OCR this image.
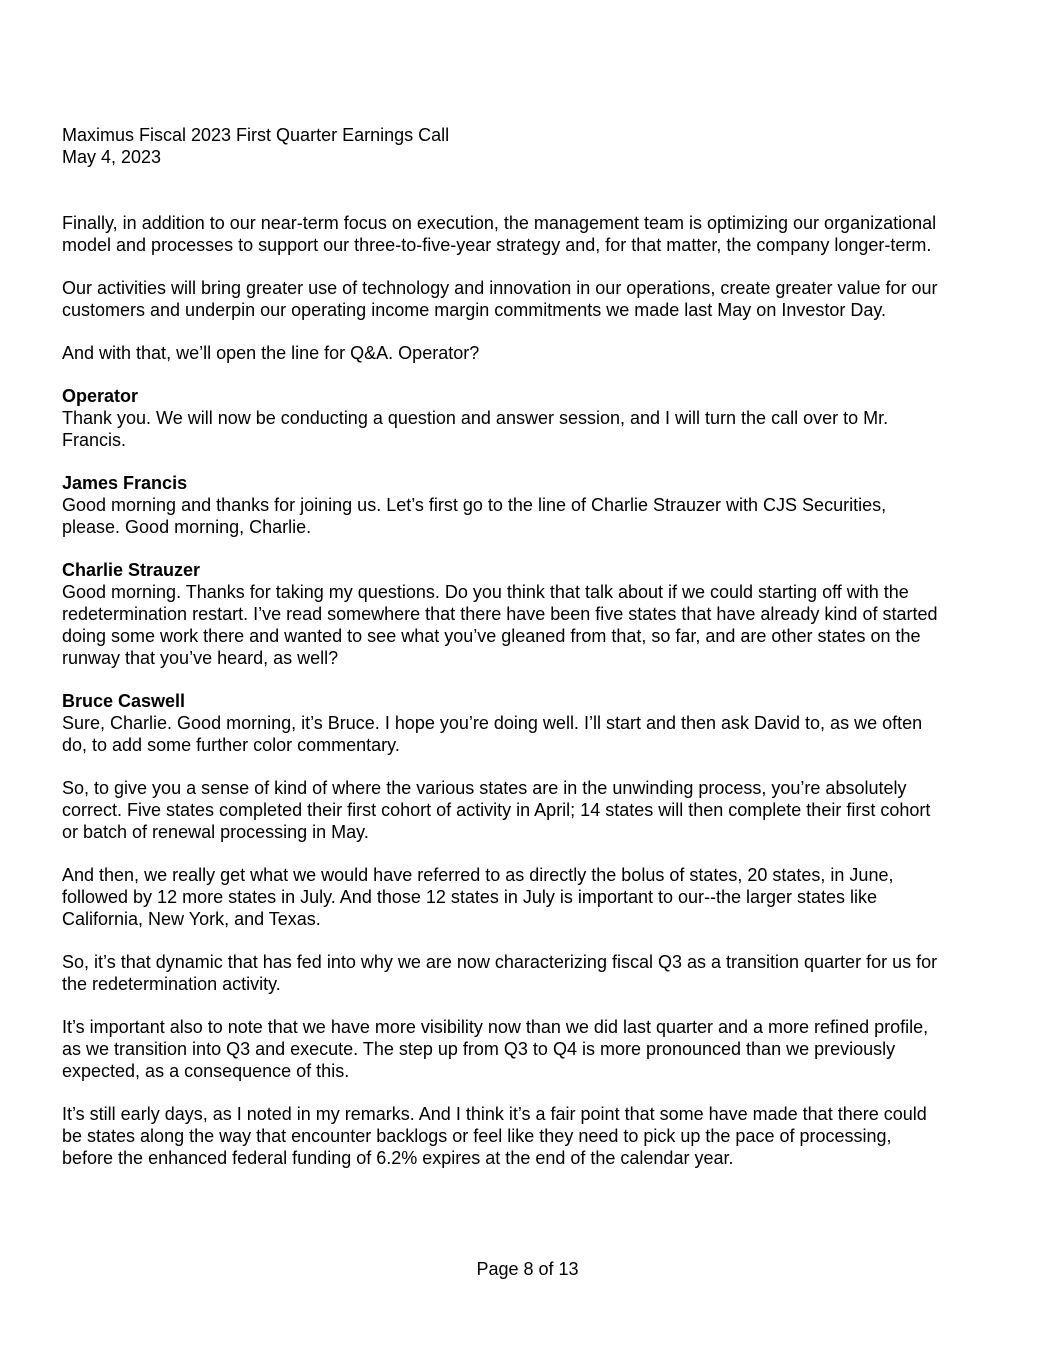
Maximus Fiscal 2023 First Quarter Earnings Call
May 4, 2023
Finally, in addition to our near-term focus on execution, the management team is optimizing our organizational
model and processes to support our three-to-five-year strategy and, for that matter, the company longer-term.
Our activities will bring greater use of technology and innovation in our operations, create greater value for our
customers and underpin our operating income margin commitments we made last May on Investor Day.
And with that, we’ll open the line for Q&A. Operator?
Operator
Thank you. We will now be conducting a question and answer session, and I will turn the call over to Mr.
Francis.
James Francis
Good morning and thanks for joining us. Let’s first go to the line of Charlie Strauzer with CJS Securities,
please. Good morning, Charlie.
Charlie Strauzer
Good morning. Thanks for taking my questions. Do you think that talk about if we could starting off with the
redetermination restart. I’ve read somewhere that there have been five states that have already kind of started
doing some work there and wanted to see what you’ve gleaned from that, so far, and are other states on the
runway that you’ve heard, as well?
Bruce Caswell
Sure, Charlie. Good morning, it’s Bruce. I hope you’re doing well. I’ll start and then ask David to, as we often
do, to add some further color commentary.
So, to give you a sense of kind of where the various states are in the unwinding process, you’re absolutely
correct. Five states completed their first cohort of activity in April; 14 states will then complete their first cohort
or batch of renewal processing in May.
And then, we really get what we would have referred to as directly the bolus of states, 20 states, in June,
followed by 12 more states in July. And those 12 states in July is important to our--the larger states like
California, New York, and Texas.
So, it’s that dynamic that has fed into why we are now characterizing fiscal Q3 as a transition quarter for us for
the redetermination activity.
It’s important also to note that we have more visibility now than we did last quarter and a more refined profile,
as we transition into Q3 and execute. The step up from Q3 to Q4 is more pronounced than we previously
expected, as a consequence of this.
It’s still early days, as I noted in my remarks. And I think it’s a fair point that some have made that there could
be states along the way that encounter backlogs or feel like they need to pick up the pace of processing,
before the enhanced federal funding of 6.2% expires at the end of the calendar year.
Page 8 of 13
